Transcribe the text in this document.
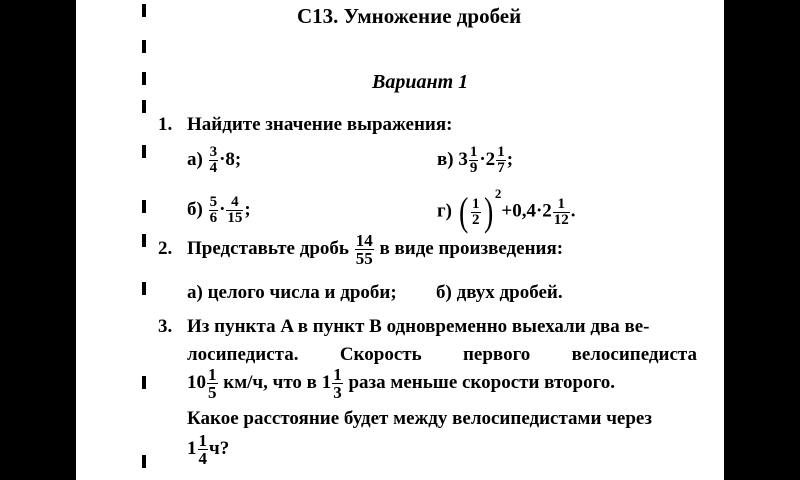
С13. Умножение дробей
Вариант 1
1. Найдите значение выражения:
$а) \frac{3}{4} \cdot 8$;
$б) \frac{5}{6} \cdot \frac{4}{15}$ ;
в) $3 \frac{1}{9} \cdot 2 \frac{1}{7}$ ;
г) ( $\frac{1}{2}$ ) $2+0,4\cdot 2 \frac{1}{12}$ .
2. Представьте дробь $\frac{14}{55}$ в виде произведения:
а) целого числа и дроби; б) двух дробей.
3. Из пункта A в пункт B одновременно выехали два ве-
лосипедиста. Скорость первого велосипедиста
$10 \frac{1}{5} км/ч$, что в $1 \frac{1}{3}$ раза меньше скорости второго.
Какое расстояние будет между велосипедистами через
$1 \frac{1}{4} ч$?
